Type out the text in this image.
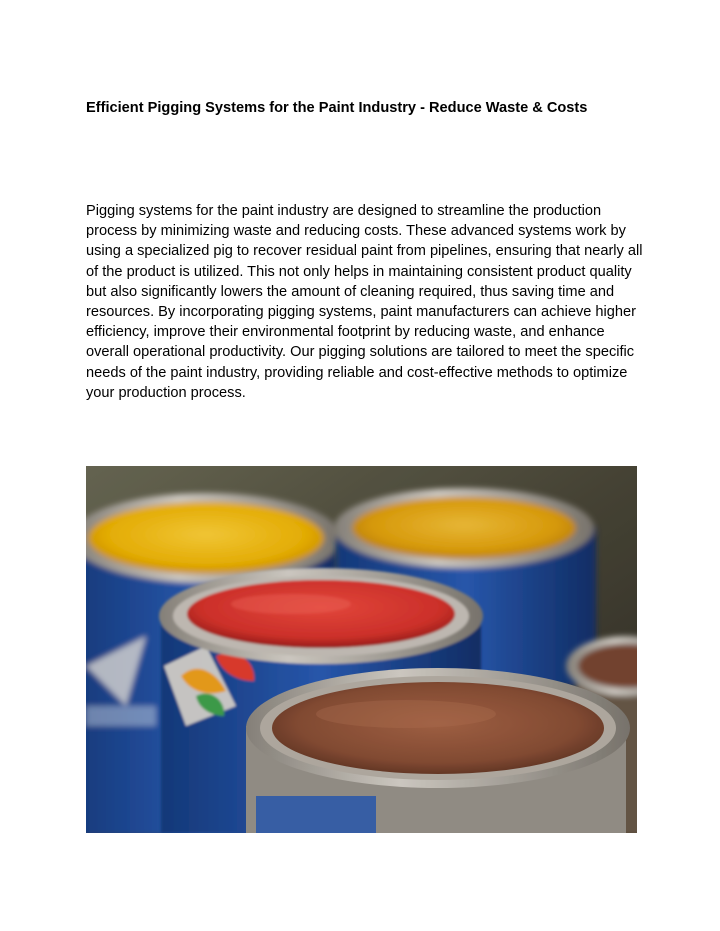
Efficient Pigging Systems for the Paint Industry - Reduce Waste & Costs

Pigging systems for the paint industry are designed to streamline the production process by minimizing waste and reducing costs. These advanced systems work by using a specialized pig to recover residual paint from pipelines, ensuring that nearly all of the product is utilized. This not only helps in maintaining consistent product quality but also significantly lowers the amount of cleaning required, thus saving time and resources. By incorporating pigging systems, paint manufacturers can achieve higher efficiency, improve their environmental footprint by reducing waste, and enhance overall operational productivity. Our pigging solutions are tailored to meet the specific needs of the paint industry, providing reliable and cost-effective methods to optimize your production process.
